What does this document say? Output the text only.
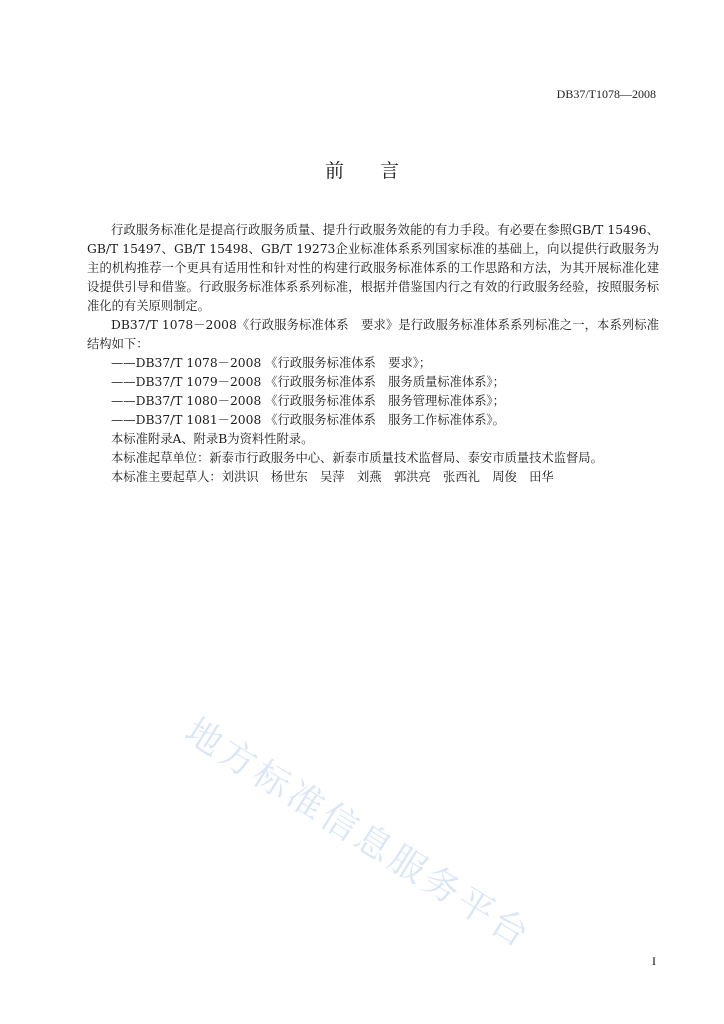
DB37/T1078—2008
前言

行政服务标准化是提高行政服务质量、提升行政服务效能的有力手段。有必要在参照GB/T 15496、GB/T 15497、GB/T 15498、GB/T 19273企业标准体系系列国家标准的基础上，向以提供行政服务为主的机构推荐一个更具有适用性和针对性的构建行政服务标准体系的工作思路和方法，为其开展标准化建设提供引导和借鉴。行政服务标准体系系列标准，根据并借鉴国内行之有效的行政服务经验，按照服务标准化的有关原则制定。

DB37/T 1078－2008《行政服务标准体系　要求》是行政服务标准体系系列标准之一，本系列标准结构如下：

——DB37/T 1078－2008 《行政服务标准体系　要求》；
——DB37/T 1079－2008 《行政服务标准体系　服务质量标准体系》；
——DB37/T 1080－2008 《行政服务标准体系　服务管理标准体系》；
——DB37/T 1081－2008 《行政服务标准体系　服务工作标准体系》。

本标准附录A、附录B为资料性附录。

本标准起草单位：新泰市行政服务中心、新泰市质量技术监督局、泰安市质量技术监督局。

本标准主要起草人：刘洪识　杨世东　吴萍　刘燕　郭洪亮　张西礼　周俊　田华

地方标准信息服务平台
I
